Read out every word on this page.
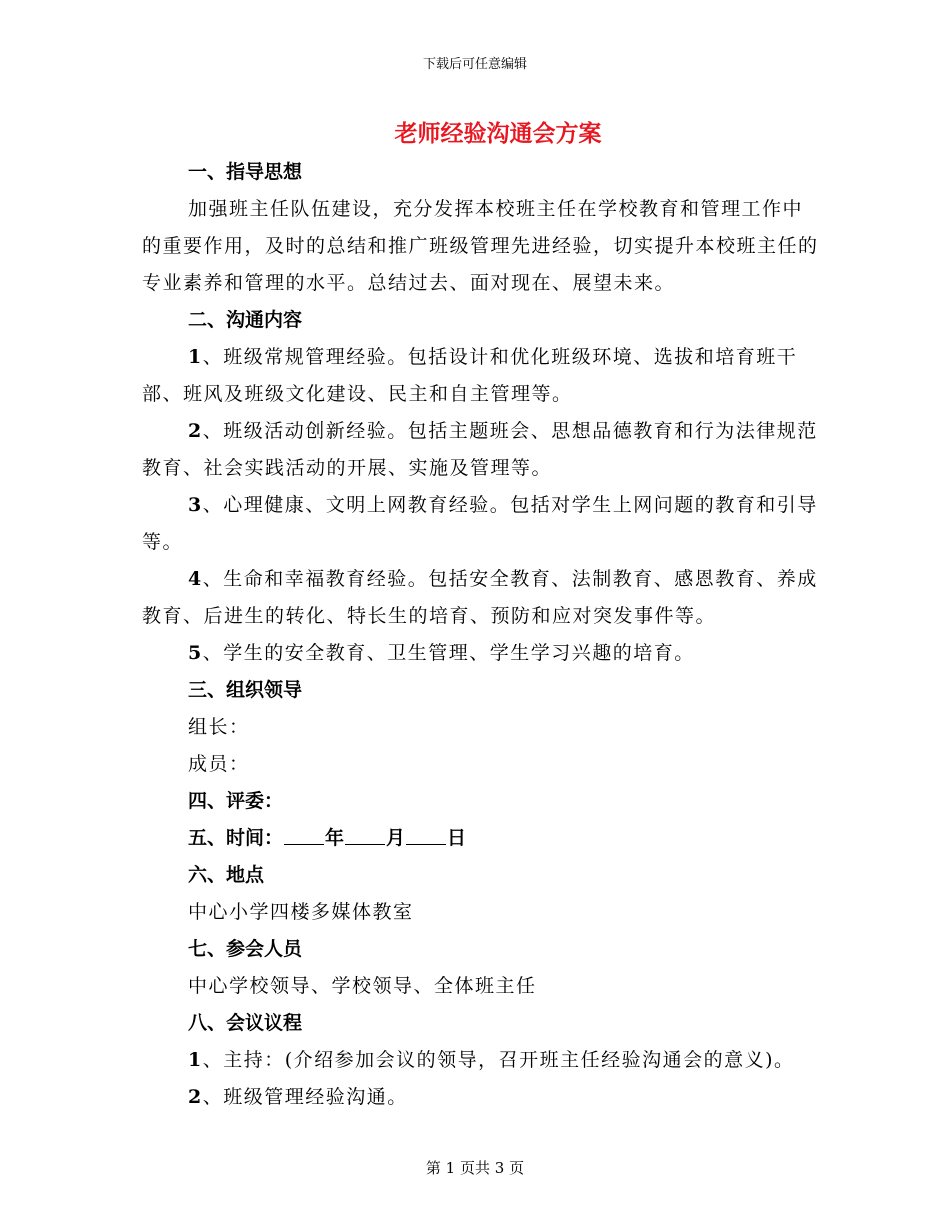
下载后可任意编辑
老师经验沟通会方案

一、指导思想

加强班主任队伍建设，充分发挥本校班主任在学校教育和管理工作中的重要作用，及时的总结和推广班级管理先进经验，切实提升本校班主任的专业素养和管理的水平。总结过去、面对现在、展望未来。

二、沟通内容

1、班级常规管理经验。包括设计和优化班级环境、选拔和培育班干部、班风及班级文化建设、民主和自主管理等。

2、班级活动创新经验。包括主题班会、思想品德教育和行为法律规范教育、社会实践活动的开展、实施及管理等。

3、心理健康、文明上网教育经验。包括对学生上网问题的教育和引导等。

4、生命和幸福教育经验。包括安全教育、法制教育、感恩教育、养成教育、后进生的转化、特长生的培育、预防和应对突发事件等。

5、学生的安全教育、卫生管理、学生学习兴趣的培育。

三、组织领导

组长：

成员：

四、评委：

五、时间： 年 月 日

六、地点

中心小学四楼多媒体教室

七、参会人员

中心学校领导、学校领导、全体班主任

八、会议议程

1、主持：(介绍参加会议的领导，召开班主任经验沟通会的意义)。

2、班级管理经验沟通。

第 1 页共 3 页
